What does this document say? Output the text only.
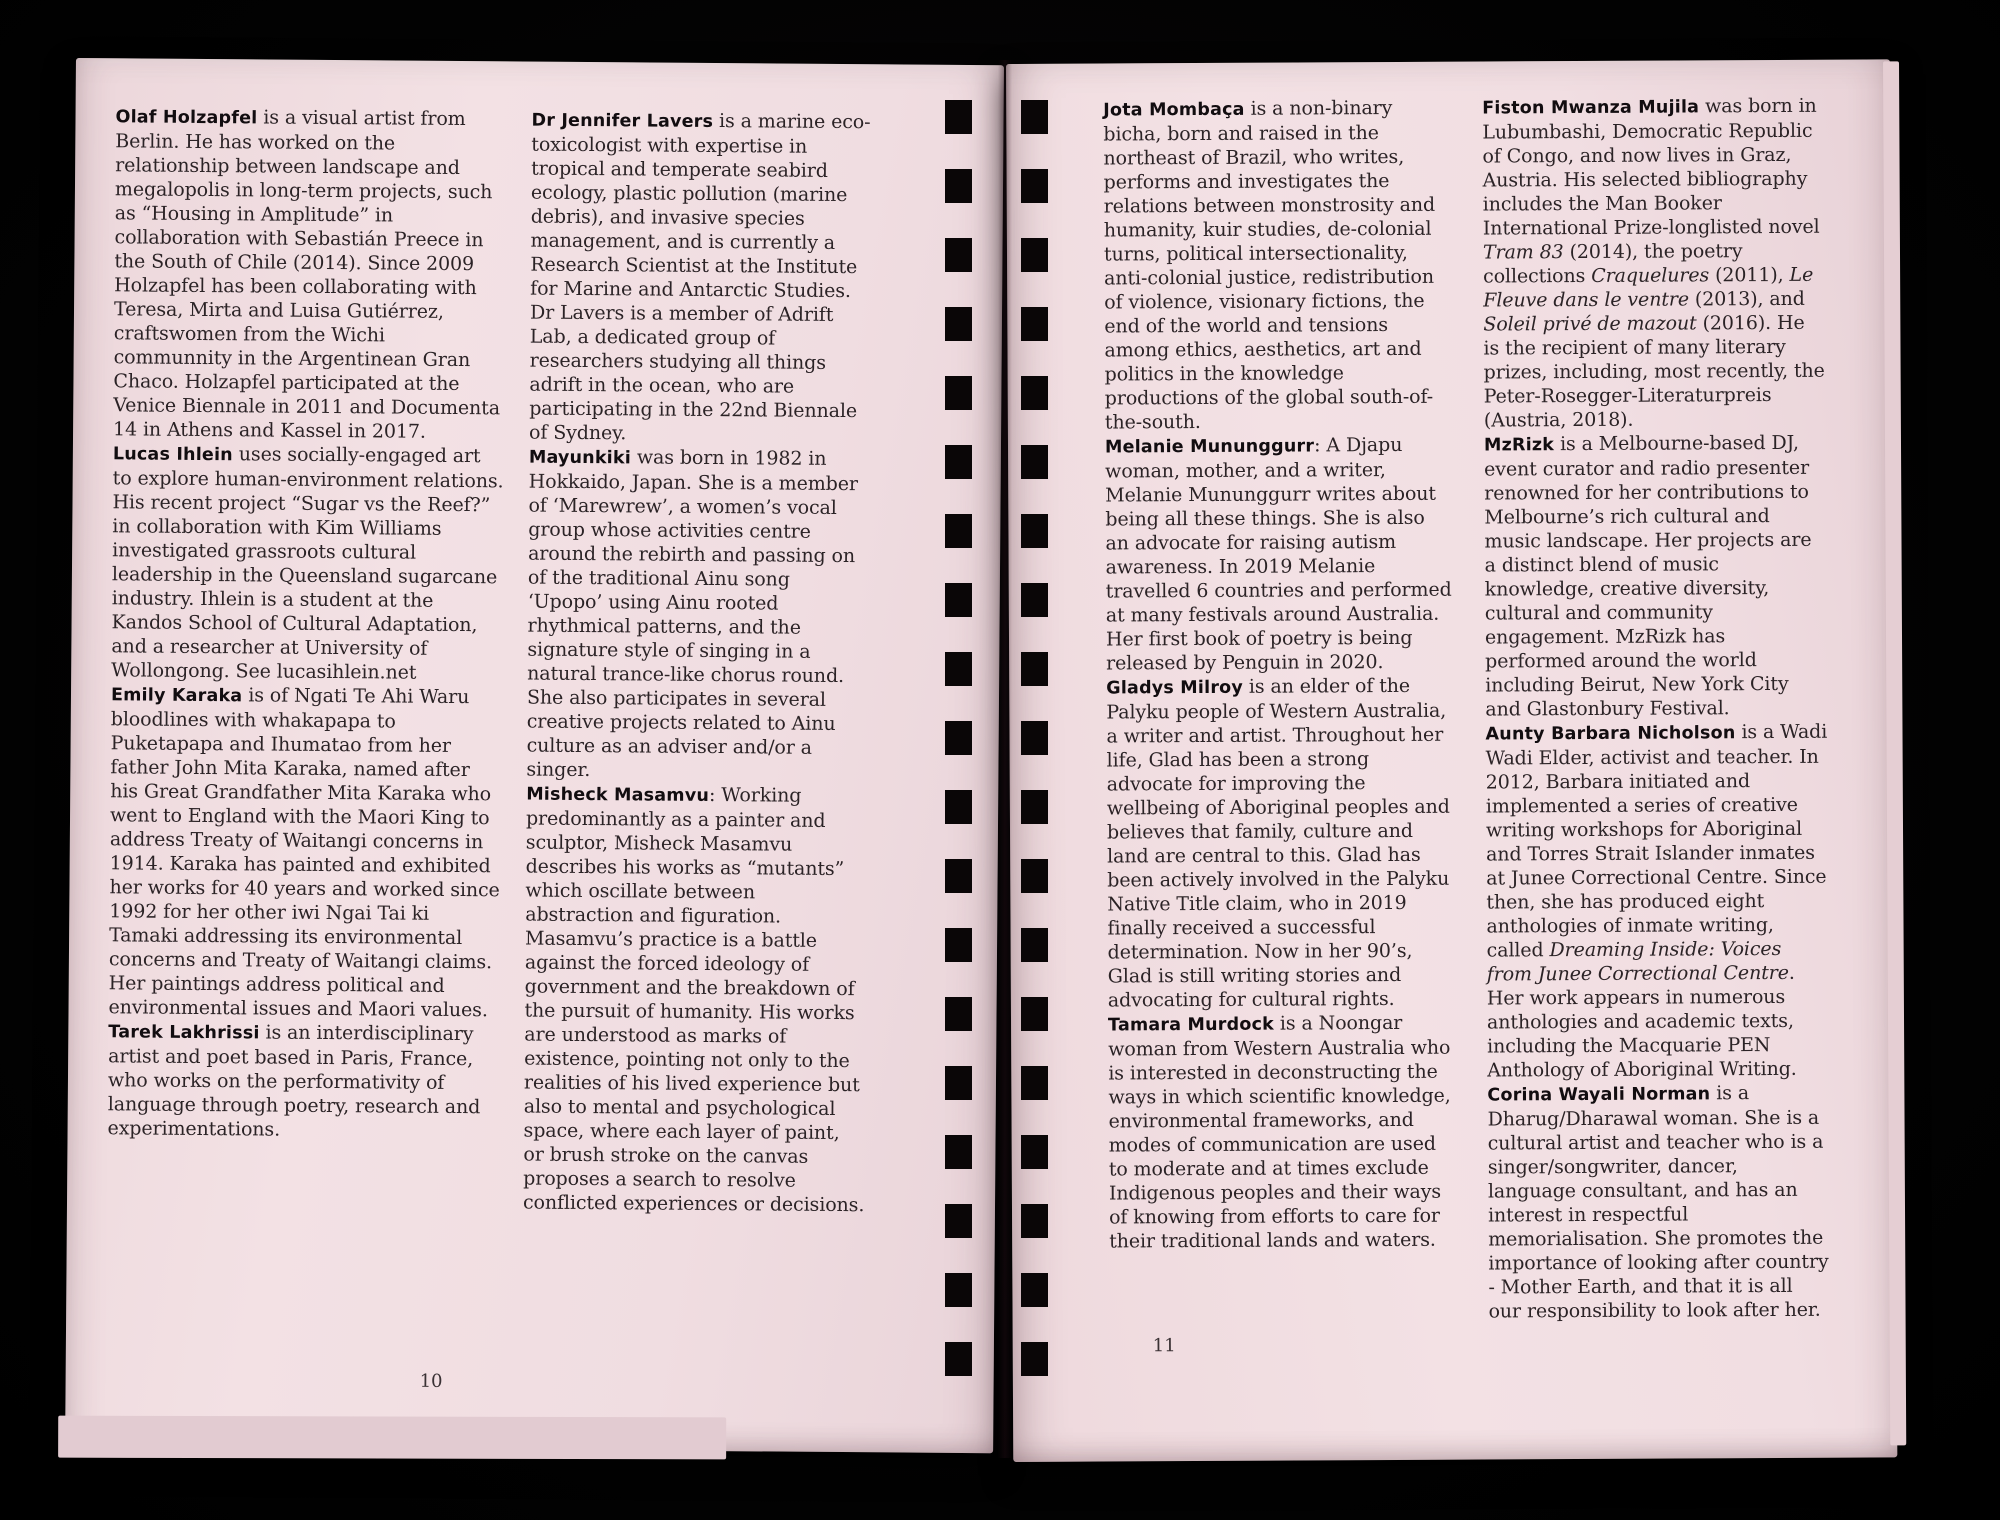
Olaf Holzapfel is a visual artist from Berlin. He has worked on the relationship between landscape and megalopolis in long-term projects, such as “Housing in Amplitude” in collaboration with Sebastián Preece in the South of Chile (2014). Since 2009 Holzapfel has been collaborating with Teresa, Mirta and Luisa Gutiérrez, craftswomen from the Wichi communnity in the Argentinean Gran Chaco. Holzapfel participated at the Venice Biennale in 2011 and Documenta 14 in Athens and Kassel in 2017.

Lucas Ihlein uses socially-engaged art to explore human-environment relations. His recent project “Sugar vs the Reef?” in collaboration with Kim Williams investigated grassroots cultural leadership in the Queensland sugarcane industry. Ihlein is a student at the Kandos School of Cultural Adaptation, and a researcher at University of Wollongong. See lucasihlein.net

Emily Karaka is of Ngati Te Ahi Waru bloodlines with whakapapa to Puketapapa and Ihumatao from her father John Mita Karaka, named after his Great Grandfather Mita Karaka who went to England with the Maori King to address Treaty of Waitangi concerns in 1914. Karaka has painted and exhibited her works for 40 years and worked since 1992 for her other iwi Ngai Tai ki Tamaki addressing its environmental concerns and Treaty of Waitangi claims. Her paintings address political and environmental issues and Maori values.

Tarek Lakhrissi is an interdisciplinary artist and poet based in Paris, France, who works on the performativity of language through poetry, research and experimentations.

Dr Jennifer Lavers is a marine eco-toxicologist with expertise in tropical and temperate seabird ecology, plastic pollution (marine debris), and invasive species management, and is currently a Research Scientist at the Institute for Marine and Antarctic Studies. Dr Lavers is a member of Adrift Lab, a dedicated group of researchers studying all things adrift in the ocean, who are participating in the 22nd Biennale of Sydney.

Mayunkiki was born in 1982 in Hokkaido, Japan. She is a member of ‘Marewrew’, a women’s vocal group whose activities centre around the rebirth and passing on of the traditional Ainu song ‘Upopo’ using Ainu rooted rhythmical patterns, and the signature style of singing in a natural trance-like chorus round. She also participates in several creative projects related to Ainu culture as an adviser and/or a singer.

Misheck Masamvu: Working predominantly as a painter and sculptor, Misheck Masamvu describes his works as “mutants” which oscillate between abstraction and figuration. Masamvu’s practice is a battle against the forced ideology of government and the breakdown of the pursuit of humanity. His works are understood as marks of existence, pointing not only to the realities of his lived experience but also to mental and psychological space, where each layer of paint, or brush stroke on the canvas proposes a search to resolve conflicted experiences or decisions.

10

Jota Mombaça is a non-binary bicha, born and raised in the northeast of Brazil, who writes, performs and investigates the relations between monstrosity and humanity, kuir studies, de-colonial turns, political intersectionality, anti-colonial justice, redistribution of violence, visionary fictions, the end of the world and tensions among ethics, aesthetics, art and politics in the knowledge productions of the global south-of-the-south.

Melanie Mununggurr: A Djapu woman, mother, and a writer, Melanie Mununggurr writes about being all these things. She is also an advocate for raising autism awareness. In 2019 Melanie travelled 6 countries and performed at many festivals around Australia. Her first book of poetry is being released by Penguin in 2020.

Gladys Milroy is an elder of the Palyku people of Western Australia, a writer and artist. Throughout her life, Glad has been a strong advocate for improving the wellbeing of Aboriginal peoples and believes that family, culture and land are central to this. Glad has been actively involved in the Palyku Native Title claim, who in 2019 finally received a successful determination. Now in her 90’s, Glad is still writing stories and advocating for cultural rights.

Tamara Murdock is a Noongar woman from Western Australia who is interested in deconstructing the ways in which scientific knowledge, environmental frameworks, and modes of communication are used to moderate and at times exclude Indigenous peoples and their ways of knowing from efforts to care for their traditional lands and waters.

Fiston Mwanza Mujila was born in Lubumbashi, Democratic Republic of Congo, and now lives in Graz, Austria. His selected bibliography includes the Man Booker International Prize-longlisted novel Tram 83 (2014), the poetry collections Craquelures (2011), Le Fleuve dans le ventre (2013), and Soleil privé de mazout (2016). He is the recipient of many literary prizes, including, most recently, the Peter-Rosegger-Literaturpreis (Austria, 2018).

MzRizk is a Melbourne-based DJ, event curator and radio presenter renowned for her contributions to Melbourne’s rich cultural and music landscape. Her projects are a distinct blend of music knowledge, creative diversity, cultural and community engagement. MzRizk has performed around the world including Beirut, New York City and Glastonbury Festival.

Aunty Barbara Nicholson is a Wadi Wadi Elder, activist and teacher. In 2012, Barbara initiated and implemented a series of creative writing workshops for Aboriginal and Torres Strait Islander inmates at Junee Correctional Centre. Since then, she has produced eight anthologies of inmate writing, called Dreaming Inside: Voices from Junee Correctional Centre. Her work appears in numerous anthologies and academic texts, including the Macquarie PEN Anthology of Aboriginal Writing.

Corina Wayali Norman is a Dharug/Dharawal woman. She is a cultural artist and teacher who is a singer/songwriter, dancer, language consultant, and has an interest in respectful memorialisation. She promotes the importance of looking after country - Mother Earth, and that it is all our responsibility to look after her.

11
